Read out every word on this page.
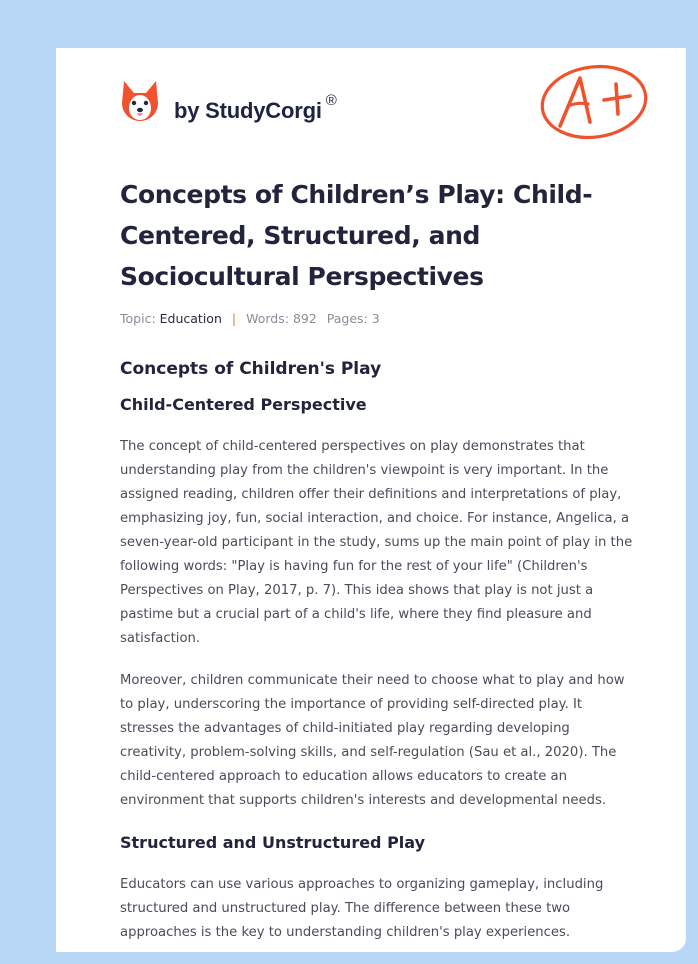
by StudyCorgi ®
Concepts of Children’s Play: Child-Centered, Structured, and Sociocultural Perspectives
Topic: Education | Words: 892 Pages: 3
Concepts of Children's Play
Child-Centered Perspective

The concept of child-centered perspectives on play demonstrates that understanding play from the children's viewpoint is very important. In the assigned reading, children offer their definitions and interpretations of play, emphasizing joy, fun, social interaction, and choice. For instance, Angelica, a seven-year-old participant in the study, sums up the main point of play in the following words: "Play is having fun for the rest of your life" (Children's Perspectives on Play, 2017, p. 7). This idea shows that play is not just a pastime but a crucial part of a child's life, where they find pleasure and satisfaction.

Moreover, children communicate their need to choose what to play and how to play, underscoring the importance of providing self-directed play. It stresses the advantages of child-initiated play regarding developing creativity, problem-solving skills, and self-regulation (Sau et al., 2020). The child-centered approach to education allows educators to create an environment that supports children's interests and developmental needs.

Structured and Unstructured Play

Educators can use various approaches to organizing gameplay, including structured and unstructured play. The difference between these two approaches is the key to understanding children's play experiences.
